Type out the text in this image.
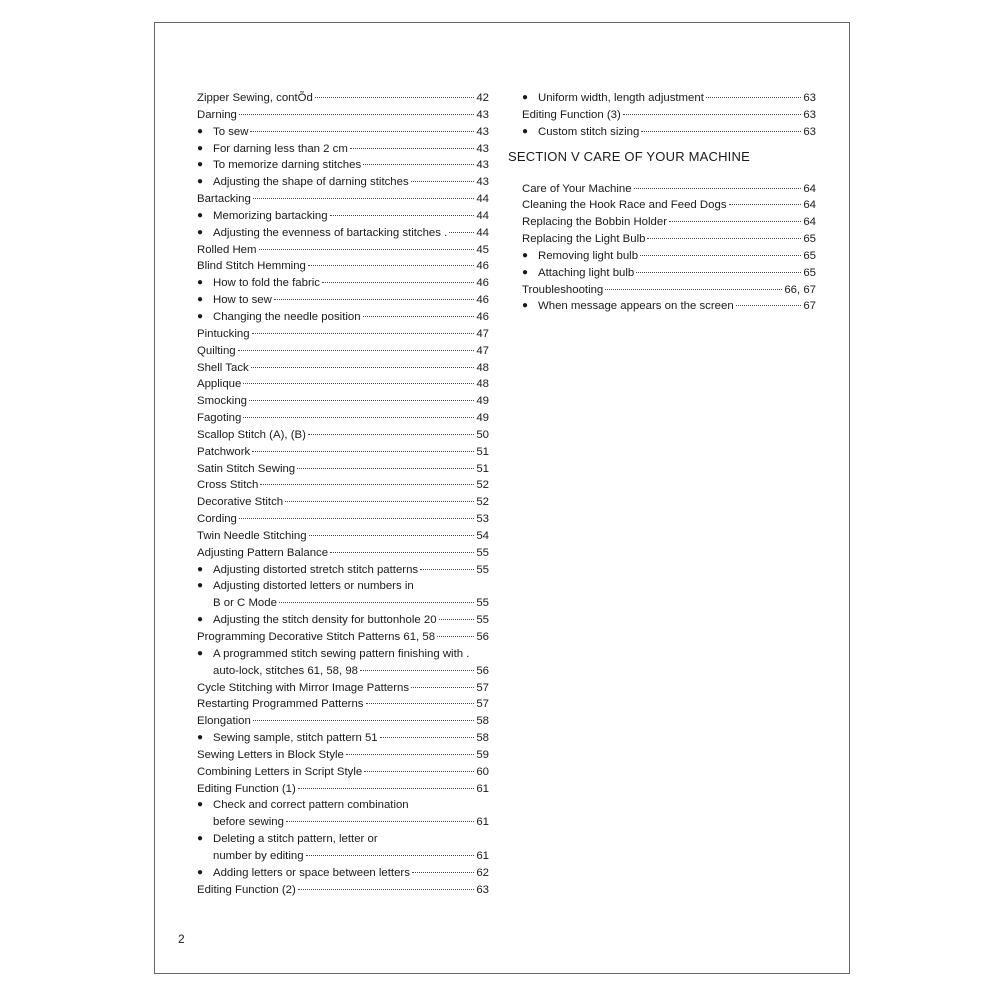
Zipper Sewing, contÕd	42
Darning	43
● To sew	43
● For darning less than 2 cm	43
● To memorize darning stitches	43
● Adjusting the shape of darning stitches	43
Bartacking	44
● Memorizing bartacking	44
● Adjusting the evenness of bartacking stitches .	44
Rolled Hem	45
Blind Stitch Hemming	46
● How to fold the fabric	46
● How to sew	46
● Changing the needle position	46
Pintucking	47
Quilting	47
Shell Tack	48
Applique	48
Smocking	49
Fagoting	49
Scallop Stitch (A), (B)	50
Patchwork	51
Satin Stitch Sewing	51
Cross Stitch	52
Decorative Stitch	52
Cording	53
Twin Needle Stitching	54
Adjusting Pattern Balance	55
● Adjusting distorted stretch stitch patterns	55
● Adjusting distorted letters or numbers in
B or C Mode	55
● Adjusting the stitch density for buttonhole 20	55
Programming Decorative Stitch Patterns 61, 58	56
● A programmed stitch sewing pattern finishing with .
auto-lock, stitches 61, 58, 98	56
Cycle Stitching with Mirror Image Patterns	57
Restarting Programmed Patterns	57
Elongation	58
● Sewing sample, stitch pattern 51	58
Sewing Letters in Block Style	59
Combining Letters in Script Style	60
Editing Function (1)	61
● Check and correct pattern combination
before sewing	61
● Deleting a stitch pattern, letter or
number by editing	61
● Adding letters or space between letters	62
Editing Function (2)	63
● Uniform width, length adjustment	63
Editing Function (3)	63
● Custom stitch sizing	63
SECTION V CARE OF YOUR MACHINE
Care of Your Machine	64
Cleaning the Hook Race and Feed Dogs	64
Replacing the Bobbin Holder	64
Replacing the Light Bulb	65
● Removing light bulb	65
● Attaching light bulb	65
Troubleshooting	66, 67
● When message appears on the screen	67
2
